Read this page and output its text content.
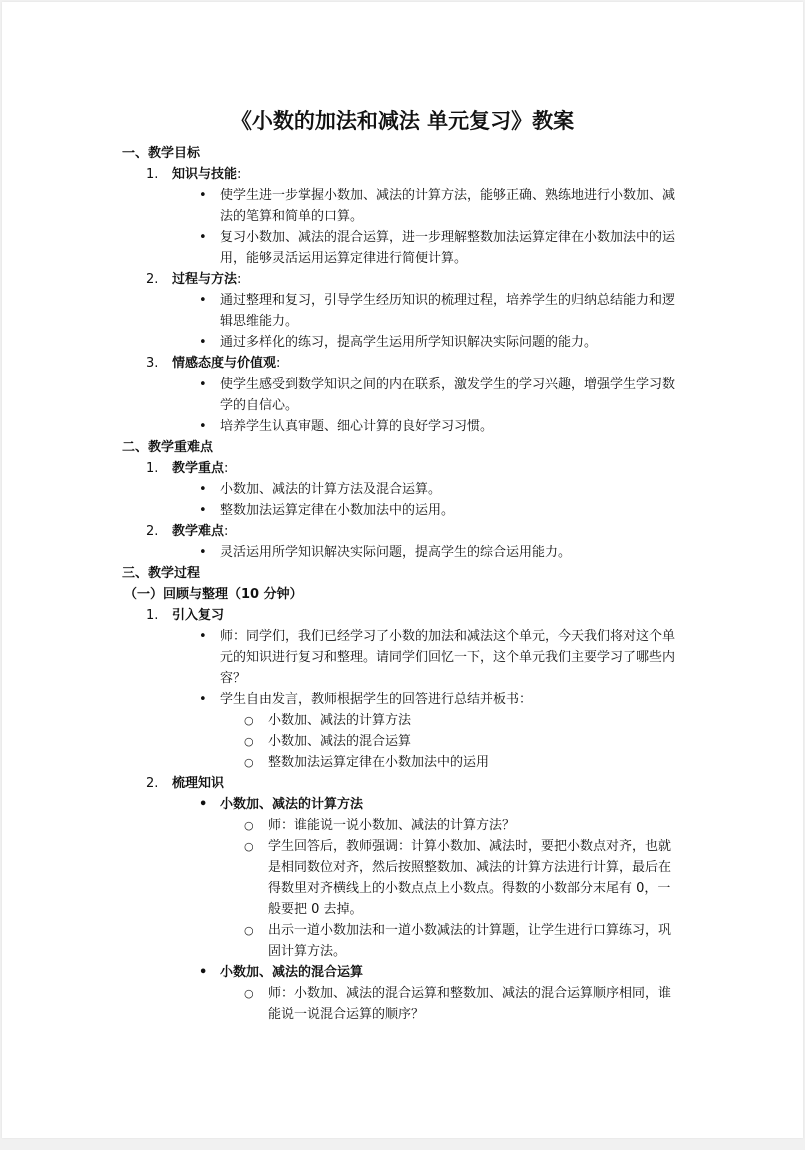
《小数的加法和减法 单元复习》教案
一、教学目标
1. 知识与技能:

• 使学生进一步掌握小数加、减法的计算方法，能够正确、熟练地进行小数加、减法的笔算和简单的口算。

• 复习小数加、减法的混合运算，进一步理解整数加法运算定律在小数加法中的运用，能够灵活运用运算定律进行简便计算。

2. 过程与方法:

• 通过整理和复习，引导学生经历知识的梳理过程，培养学生的归纳总结能力和逻辑思维能力。

• 通过多样化的练习，提高学生运用所学知识解决实际问题的能力。

3. 情感态度与价值观:

• 使学生感受到数学知识之间的内在联系，激发学生的学习兴趣，增强学生学习数学的自信心。

• 培养学生认真审题、细心计算的良好学习习惯。

二、教学重难点
1. 教学重点:

• 小数加、减法的计算方法及混合运算。

• 整数加法运算定律在小数加法中的运用。

2. 教学难点:

• 灵活运用所学知识解决实际问题，提高学生的综合运用能力。

三、教学过程
（一）回顾与整理（10 分钟）
1. 引入复习

• 师：同学们，我们已经学习了小数的加法和减法这个单元，今天我们将对这个单元的知识进行复习和整理。请同学们回忆一下，这个单元我们主要学习了哪些内容？

• 学生自由发言，教师根据学生的回答进行总结并板书：

○ 小数加、减法的计算方法

○ 小数加、减法的混合运算

○ 整数加法运算定律在小数加法中的运用

2. 梳理知识

• 小数加、减法的计算方法

○ 师：谁能说一说小数加、减法的计算方法？

○ 学生回答后，教师强调：计算小数加、减法时，要把小数点对齐，也就是相同数位对齐，然后按照整数加、减法的计算方法进行计算，最后在得数里对齐横线上的小数点点上小数点。得数的小数部分末尾有 0，一般要把 0 去掉。

○ 出示一道小数加法和一道小数减法的计算题，让学生进行口算练习，巩固计算方法。

• 小数加、减法的混合运算

○ 师：小数加、减法的混合运算和整数加、减法的混合运算顺序相同，谁能说一说混合运算的顺序？
